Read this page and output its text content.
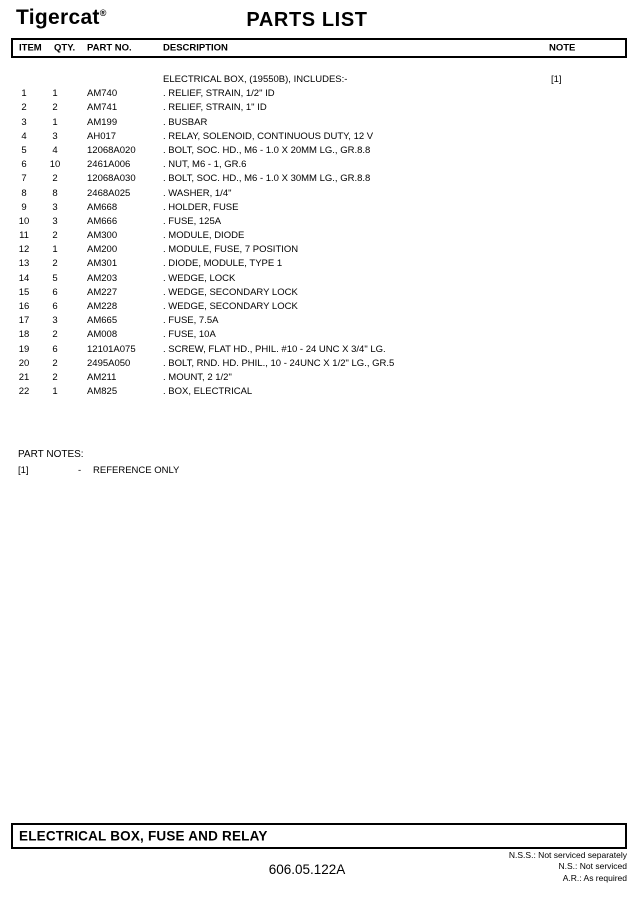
Tigercat®	PARTS LIST
ITEM QTY. PART NO.	DESCRIPTION	NOTE
ELECTRICAL BOX, (19550B), INCLUDES:-	[1]
1	1	AM740	. RELIEF, STRAIN, 1/2" ID
2	2	AM741	. RELIEF, STRAIN, 1" ID
3	1	AM199	. BUSBAR
4	3	AH017	. RELAY, SOLENOID, CONTINUOUS DUTY, 12 V
5	4	12068A020	. BOLT, SOC. HD., M6 - 1.0 X 20MM LG., GR.8.8
6	10	2461A006	. NUT, M6 - 1, GR.6
7	2	12068A030	. BOLT, SOC. HD., M6 - 1.0 X 30MM LG., GR.8.8
8	8	2468A025	. WASHER, 1/4"
9	3	AM668	. HOLDER, FUSE
10	3	AM666	. FUSE, 125A
11	2	AM300	. MODULE, DIODE
12	1	AM200	. MODULE, FUSE, 7 POSITION
13	2	AM301	. DIODE, MODULE, TYPE 1
14	5	AM203	. WEDGE, LOCK
15	6	AM227	. WEDGE, SECONDARY LOCK
16	6	AM228	. WEDGE, SECONDARY LOCK
17	3	AM665	. FUSE, 7.5A
18	2	AM008	. FUSE, 10A
19	6	12101A075	. SCREW, FLAT HD., PHIL. #10 - 24 UNC X 3/4" LG.
20	2	2495A050	. BOLT, RND. HD. PHIL., 10 - 24UNC X 1/2" LG., GR.5
21	2	AM211	. MOUNT, 2 1/2"
22	1	AM825	. BOX, ELECTRICAL
PART NOTES:
[1]	- REFERENCE ONLY
ELECTRICAL BOX, FUSE AND RELAY
N.S.S.: Not serviced separately
N.S.: Not serviced
A.R.: As required
606.05.122A
